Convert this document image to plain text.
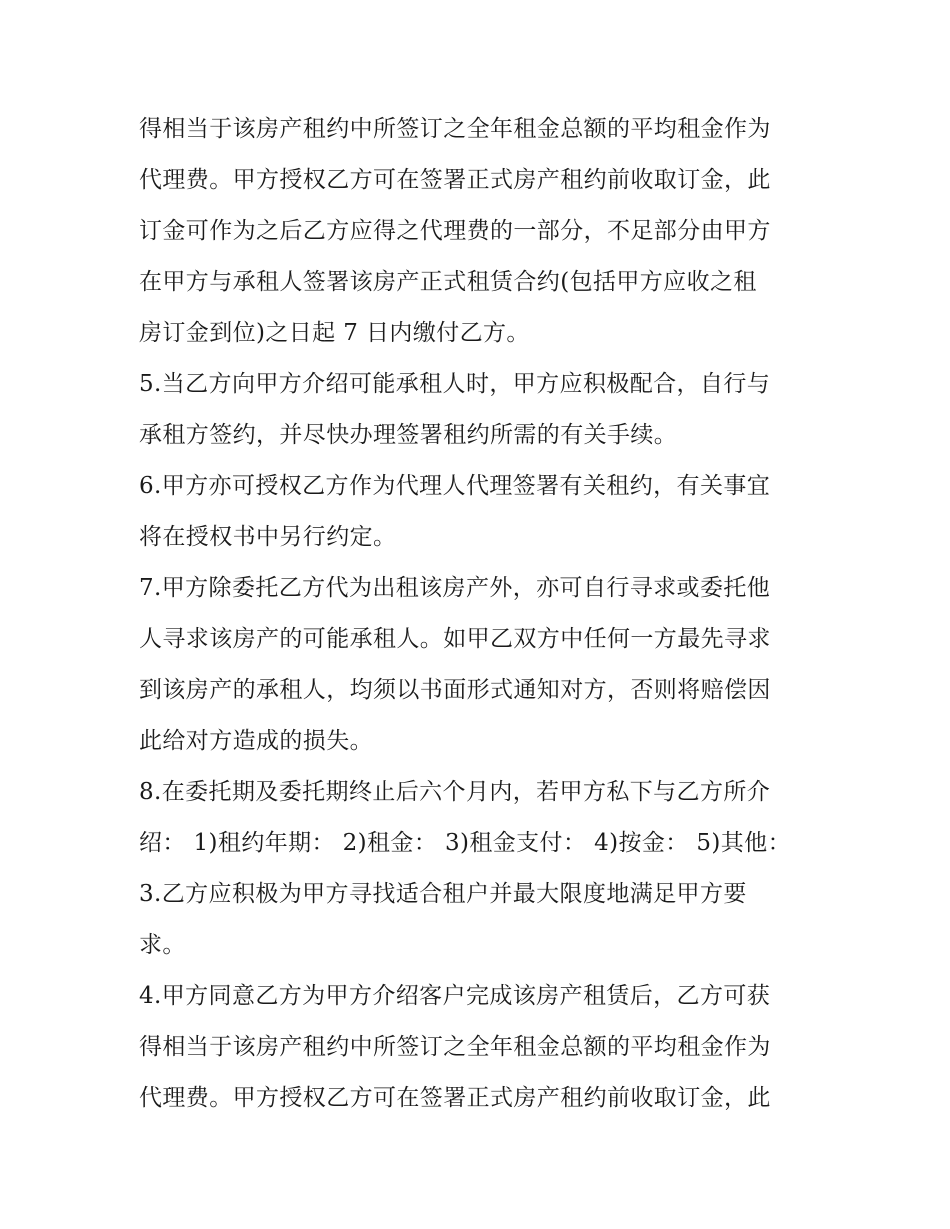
得相当于该房产租约中所签订之全年租金总额的平均租金作为
代理费。甲方授权乙方可在签署正式房产租约前收取订金，此
订金可作为之后乙方应得之代理费的一部分，不足部分由甲方
在甲方与承租人签署该房产正式租赁合约(包括甲方应收之租
房订金到位)之日起 7 日内缴付乙方。
5.当乙方向甲方介绍可能承租人时，甲方应积极配合，自行与
承租方签约，并尽快办理签署租约所需的有关手续。
6.甲方亦可授权乙方作为代理人代理签署有关租约，有关事宜
将在授权书中另行约定。
7.甲方除委托乙方代为出租该房产外，亦可自行寻求或委托他
人寻求该房产的可能承租人。如甲乙双方中任何一方最先寻求
到该房产的承租人，均须以书面形式通知对方，否则将赔偿因
此给对方造成的损失。
8.在委托期及委托期终止后六个月内，若甲方私下与乙方所介
绍： 1)租约年期： 2)租金： 3)租金支付： 4)按金： 5)其他：
3.乙方应积极为甲方寻找适合租户并最大限度地满足甲方要
求。
4.甲方同意乙方为甲方介绍客户完成该房产租赁后，乙方可获
得相当于该房产租约中所签订之全年租金总额的平均租金作为
代理费。甲方授权乙方可在签署正式房产租约前收取订金，此
